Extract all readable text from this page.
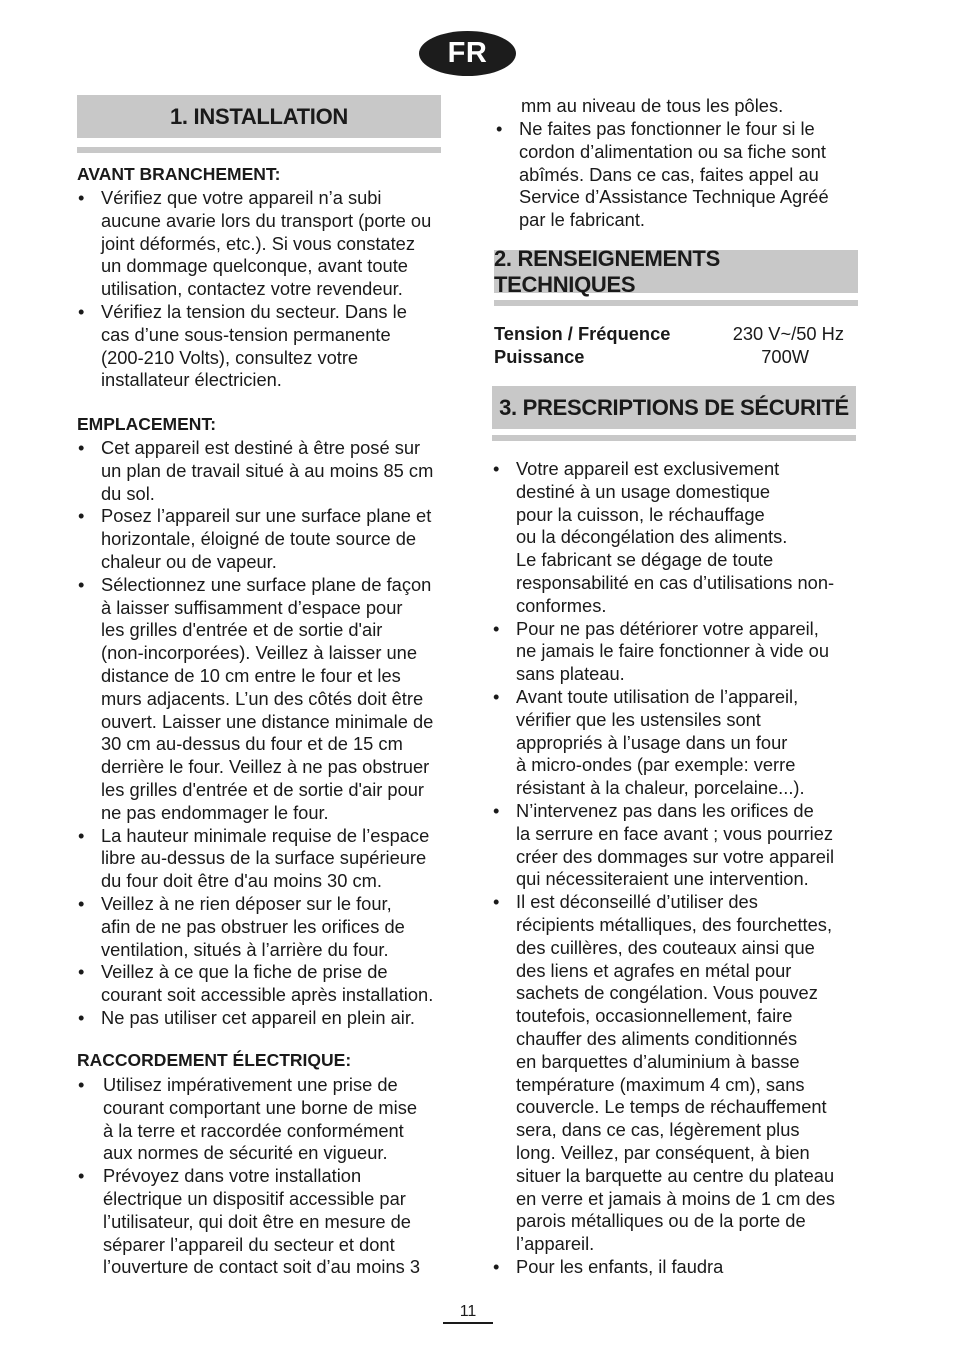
FR
1. INSTALLATION
AVANT BRANCHEMENT:
• Vérifiez que votre appareil n’a subi
aucune avarie lors du transport (porte ou
joint déformés, etc.). Si vous constatez
un dommage quelconque, avant toute
utilisation, contactez votre revendeur.
• Vérifiez la tension du secteur. Dans le
cas d’une sous-tension permanente
(200-210 Volts), consultez votre
installateur électricien.
EMPLACEMENT:
• Cet appareil est destiné à être posé sur
un plan de travail situé à au moins 85 cm
du sol.
• Posez l’appareil sur une surface plane et
horizontale, éloigné de toute source de
chaleur ou de vapeur.
• Sélectionnez une surface plane de façon
à laisser suffisamment d’espace pour
les grilles d'entrée et de sortie d'air
(non-incorporées). Veillez à laisser une
distance de 10 cm entre le four et les
murs adjacents. L’un des côtés doit être
ouvert. Laisser une distance minimale de
30 cm au-dessus du four et de 15 cm
derrière le four. Veillez à ne pas obstruer
les grilles d'entrée et de sortie d'air pour
ne pas endommager le four.
• La hauteur minimale requise de l’espace
libre au-dessus de la surface supérieure
du four doit être d'au moins 30 cm.
• Veillez à ne rien déposer sur le four,
afin de ne pas obstruer les orifices de
ventilation, situés à l’arrière du four.
• Veillez à ce que la fiche de prise de
courant soit accessible après installation.
• Ne pas utiliser cet appareil en plein air.
RACCORDEMENT ÉLECTRIQUE:
• Utilisez impérativement une prise de
courant comportant une borne de mise
à la terre et raccordée conformément
aux normes de sécurité en vigueur.
• Prévoyez dans votre installation
électrique un dispositif accessible par
l’utilisateur, qui doit être en mesure de
séparer l’appareil du secteur et dont
l’ouverture de contact soit d’au moins 3
mm au niveau de tous les pôles.
• Ne faites pas fonctionner le four si le
cordon d’alimentation ou sa fiche sont
abîmés. Dans ce cas, faites appel au
Service d’Assistance Technique Agréé
par le fabricant.
2. RENSEIGNEMENTS TECHNIQUES
Tension / Fréquence	230 V~/50 Hz
Puissance	700W
3. PRESCRIPTIONS DE SÉCURITÉ
• Votre appareil est exclusivement
destiné à un usage domestique
pour la cuisson, le réchauffage
ou la décongélation des aliments.
Le fabricant se dégage de toute
responsabilité en cas d’utilisations non-
conformes.
• Pour ne pas détériorer votre appareil,
ne jamais le faire fonctionner à vide ou
sans plateau.
• Avant toute utilisation de l’appareil,
vérifier que les ustensiles sont
appropriés à l’usage dans un four
à micro-ondes (par exemple: verre
résistant à la chaleur, porcelaine...).
• N’intervenez pas dans les orifices de
la serrure en face avant ; vous pourriez
créer des dommages sur votre appareil
qui nécessiteraient une intervention.
• Il est déconseillé d’utiliser des
récipients métalliques, des fourchettes,
des cuillères, des couteaux ainsi que
des liens et agrafes en métal pour
sachets de congélation. Vous pouvez
toutefois, occasionnellement, faire
chauffer des aliments conditionnés
en barquettes d’aluminium à basse
température (maximum 4 cm), sans
couvercle. Le temps de réchauffement
sera, dans ce cas, légèrement plus
long. Veillez, par conséquent, à bien
situer la barquette au centre du plateau
en verre et jamais à moins de 1 cm des
parois métalliques ou de la porte de
l’appareil.
• Pour les enfants, il faudra
11
